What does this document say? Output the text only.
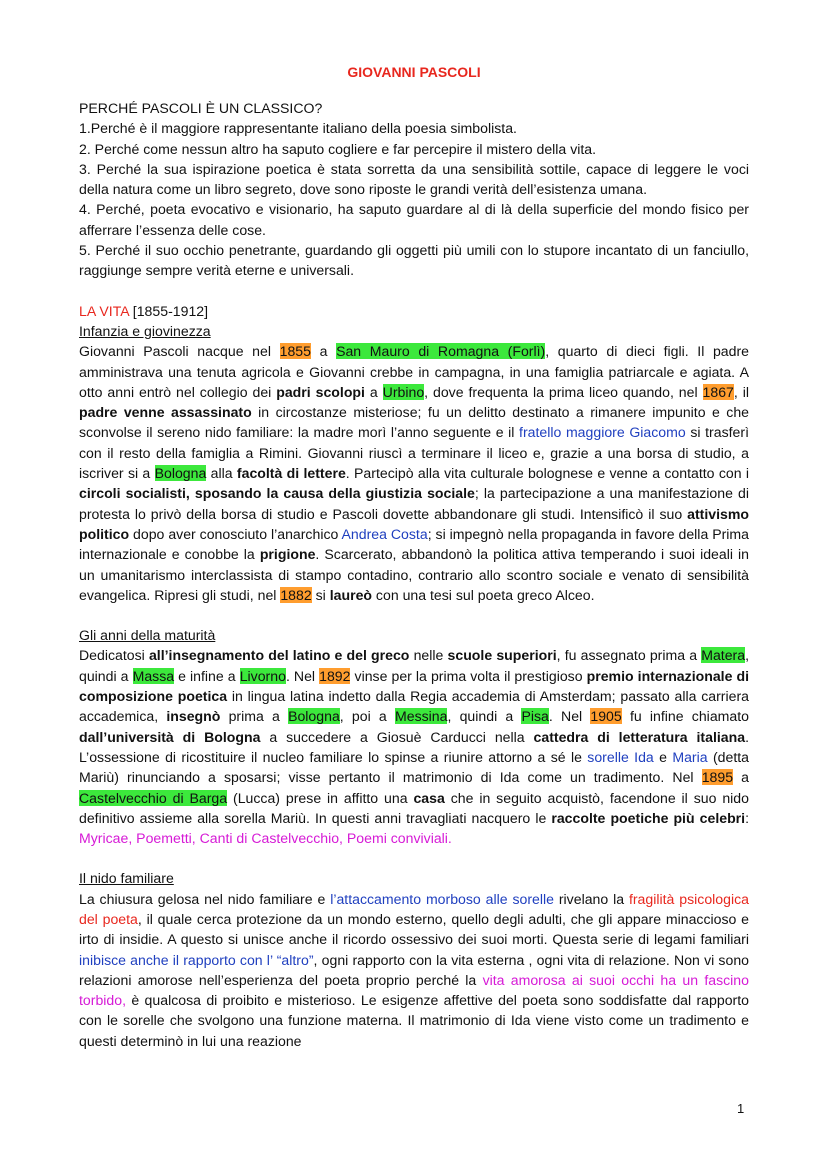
GIOVANNI PASCOLI

PERCHÉ PASCOLI È UN CLASSICO?

1.Perché è il maggiore rappresentante italiano della poesia simbolista.

2. Perché come nessun altro ha saputo cogliere e far percepire il mistero della vita.

3. Perché la sua ispirazione poetica è stata sorretta da una sensibilità sottile, capace di leggere le voci della natura come un libro segreto, dove sono riposte le grandi verità dell’esistenza umana.

4. Perché, poeta evocativo e visionario, ha saputo guardare al di là della superficie del mondo fisico per afferrare l’essenza delle cose.

5. Perché il suo occhio penetrante, guardando gli oggetti più umili con lo stupore incantato di un fanciullo, raggiunge sempre verità eterne e universali.

LA VITA [1855-1912]

Infanzia e giovinezza

Giovanni Pascoli nacque nel 1855 a San Mauro di Romagna (Forlì), quarto di dieci figli. Il padre amministrava una tenuta agricola e Giovanni crebbe in campagna, in una famiglia patriarcale e agiata. A otto anni entrò nel collegio dei padri scolopi a Urbino, dove frequenta la prima liceo quando, nel 1867, il padre venne assassinato in circostanze misteriose; fu un delitto destinato a rimanere impunito e che sconvolse il sereno nido familiare: la madre morì l’anno seguente e il fratello maggiore Giacomo si trasferì con il resto della famiglia a Rimini. Giovanni riuscì a terminare il liceo e, grazie a una borsa di studio, a iscriver si a Bologna alla facoltà di lettere. Partecipò alla vita culturale bolognese e venne a contatto con i circoli socialisti, sposando la causa della giustizia sociale; la partecipazione a una manifestazione di protesta lo privò della borsa di studio e Pascoli dovette abbandonare gli studi. Intensificò il suo attivismo politico dopo aver conosciuto l’anarchico Andrea Costa; si impegnò nella propaganda in favore della Prima internazionale e conobbe la prigione. Scarcerato, abbandonò la politica attiva temperando i suoi ideali in un umanitarismo interclassista di stampo contadino, contrario allo scontro sociale e venato di sensibilità evangelica. Ripresi gli studi, nel 1882 si laureò con una tesi sul poeta greco Alceo.

Gli anni della maturità

Dedicatosi all’insegnamento del latino e del greco nelle scuole superiori, fu assegnato prima a Matera, quindi a Massa e infine a Livorno. Nel 1892 vinse per la prima volta il prestigioso premio internazionale di composizione poetica in lingua latina indetto dalla Regia accademia di Amsterdam; passato alla carriera accademica, insegnò prima a Bologna, poi a Messina, quindi a Pisa. Nel 1905 fu infine chiamato dall’università di Bologna a succedere a Giosuè Carducci nella cattedra di letteratura italiana. L’ossessione di ricostituire il nucleo familiare lo spinse a riunire attorno a sé le sorelle Ida e Maria (detta Mariù) rinunciando a sposarsi; visse pertanto il matrimonio di Ida come un tradimento. Nel 1895 a Castelvecchio di Barga (Lucca) prese in affitto una casa che in seguito acquistò, facendone il suo nido definitivo assieme alla sorella Mariù. In questi anni travagliati nacquero le raccolte poetiche più celebri: Myricae, Poemetti, Canti di Castelvecchio, Poemi conviviali.

Il nido familiare

La chiusura gelosa nel nido familiare e l’attaccamento morboso alle sorelle rivelano la fragilità psicologica del poeta, il quale cerca protezione da un mondo esterno, quello degli adulti, che gli appare minaccioso e irto di insidie. A questo si unisce anche il ricordo ossessivo dei suoi morti. Questa serie di legami familiari inibisce anche il rapporto con l’ “altro”, ogni rapporto con la vita esterna , ogni vita di relazione. Non vi sono relazioni amorose nell’esperienza del poeta proprio perché la vita amorosa ai suoi occhi ha un fascino torbido, è qualcosa di proibito e misterioso. Le esigenze affettive del poeta sono soddisfatte dal rapporto con le sorelle che svolgono una funzione materna. Il matrimonio di Ida viene visto come un tradimento e questi determinò in lui una reazione

1
